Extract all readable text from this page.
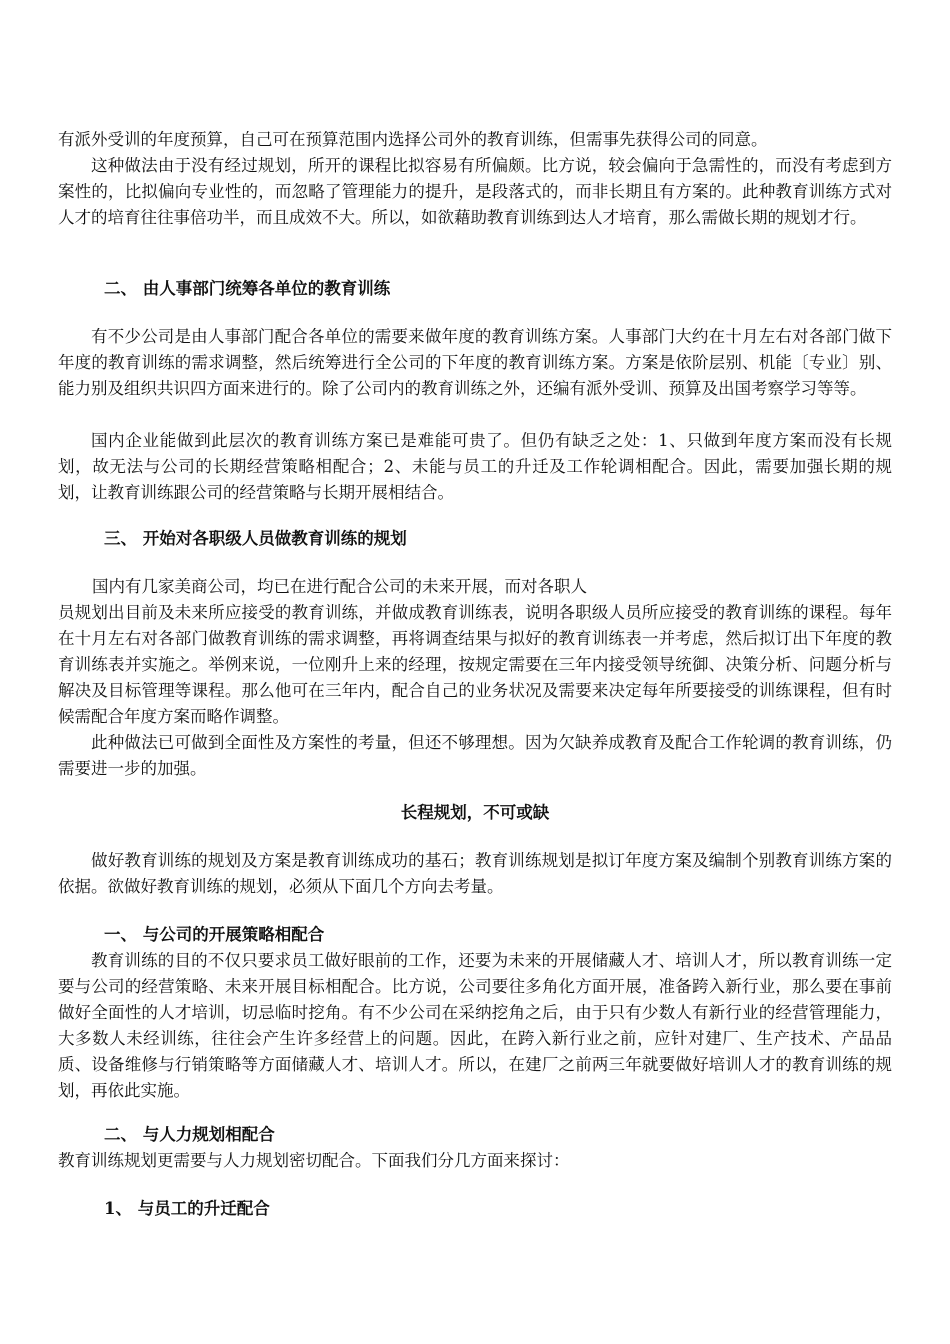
有派外受训的年度预算，自己可在预算范围内选择公司外的教育训练，但需事先获得公司的同意。

这种做法由于没有经过规划，所开的课程比拟容易有所偏颇。比方说，较会偏向于急需性的，而没有考虑到方案性的，比拟偏向专业性的，而忽略了管理能力的提升，是段落式的，而非长期且有方案的。此种教育训练方式对人才的培育往往事倍功半，而且成效不大。所以，如欲藉助教育训练到达人才培育，那么需做长期的规划才行。

二、 由人事部门统筹各单位的教育训练

有不少公司是由人事部门配合各单位的需要来做年度的教育训练方案。人事部门大约在十月左右对各部门做下年度的教育训练的需求调整，然后统筹进行全公司的下年度的教育训练方案。方案是依阶层别、机能〔专业〕别、能力别及组织共识四方面来进行的。除了公司内的教育训练之外，还编有派外受训、预算及出国考察学习等等。

国内企业能做到此层次的教育训练方案已是难能可贵了。但仍有缺乏之处：1、只做到年度方案而没有长规划，故无法与公司的长期经营策略相配合；2、未能与员工的升迁及工作轮调相配合。因此，需要加强长期的规划，让教育训练跟公司的经营策略与长期开展相结合。

三、 开始对各职级人员做教育训练的规划

国内有几家美商公司，均已在进行配合公司的未来开展，而对各职人

员规划出目前及未来所应接受的教育训练，并做成教育训练表，说明各职级人员所应接受的教育训练的课程。每年在十月左右对各部门做教育训练的需求调整，再将调查结果与拟好的教育训练表一并考虑，然后拟订出下年度的教育训练表并实施之。举例来说，一位刚升上来的经理，按规定需要在三年内接受领导统御、决策分析、问题分析与解决及目标管理等课程。那么他可在三年内，配合自己的业务状况及需要来决定每年所要接受的训练课程，但有时候需配合年度方案而略作调整。

此种做法已可做到全面性及方案性的考量，但还不够理想。因为欠缺养成教育及配合工作轮调的教育训练，仍需要进一步的加强。

长程规划，不可或缺

做好教育训练的规划及方案是教育训练成功的基石；教育训练规划是拟订年度方案及编制个别教育训练方案的依据。欲做好教育训练的规划，必须从下面几个方向去考量。

一、 与公司的开展策略相配合

教育训练的目的不仅只要求员工做好眼前的工作，还要为未来的开展储藏人才、培训人才，所以教育训练一定要与公司的经营策略、未来开展目标相配合。比方说，公司要往多角化方面开展，准备跨入新行业，那么要在事前做好全面性的人才培训，切忌临时挖角。有不少公司在采纳挖角之后，由于只有少数人有新行业的经营管理能力，大多数人未经训练，往往会产生许多经营上的问题。因此，在跨入新行业之前，应针对建厂、生产技术、产品品质、设备维修与行销策略等方面储藏人才、培训人才。所以，在建厂之前两三年就要做好培训人才的教育训练的规划，再依此实施。

二、 与人力规划相配合

教育训练规划更需要与人力规划密切配合。下面我们分几方面来探讨：

1、 与员工的升迁配合
